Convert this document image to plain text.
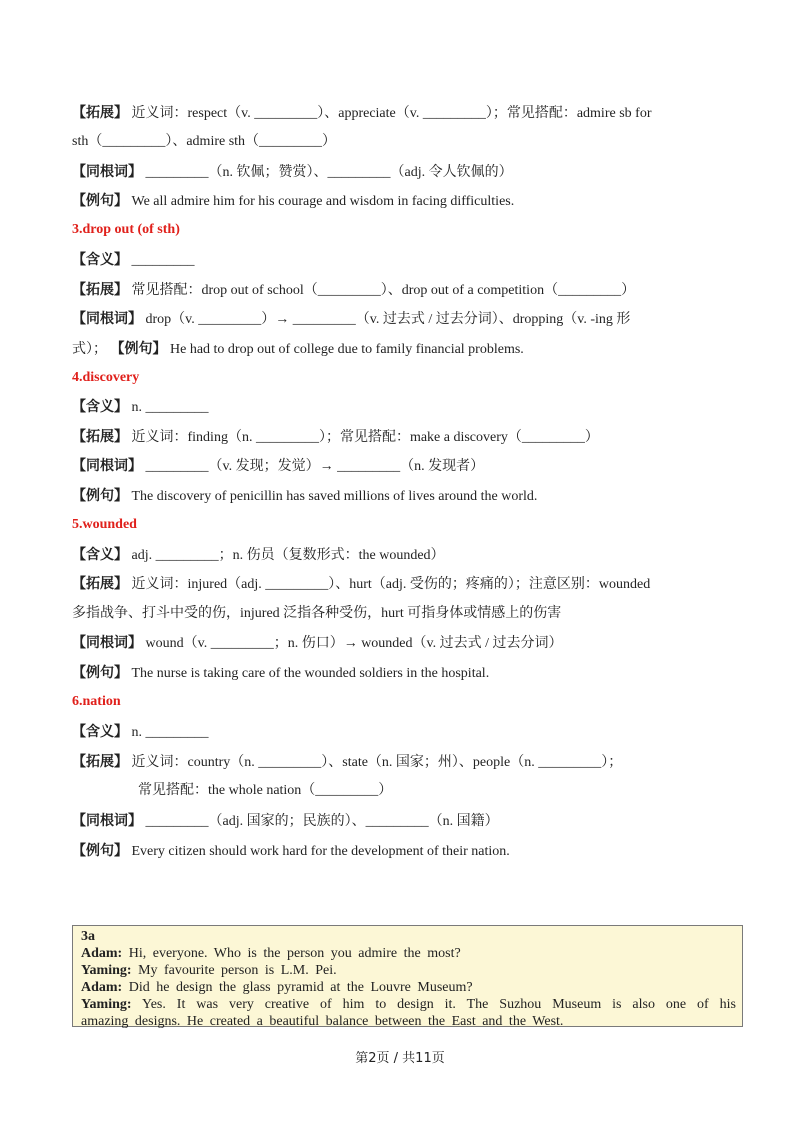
【拓展】 近义词：respect（v. _________）、appreciate（v. _________）；常见搭配：admire sb for
sth（_________）、admire sth（_________）
【同根词】 _________（n. 钦佩；赞赏）、_________（adj. 令人钦佩的）
【例句】 We all admire him for his courage and wisdom in facing difficulties.
3.drop out (of sth)
【含义】 _________
【拓展】 常见搭配：drop out of school（_________）、drop out of a competition（_________）
【同根词】 drop（v. _________）→ _________（v. 过去式 / 过去分词）、dropping（v. -ing 形
式）； 【例句】 He had to drop out of college due to family financial problems.
4.discovery
【含义】 n. _________
【拓展】 近义词：finding（n. _________）；常见搭配：make a discovery（_________）
【同根词】 _________（v. 发现；发觉）→ _________（n. 发现者）
【例句】 The discovery of penicillin has saved millions of lives around the world.
5.wounded
【含义】 adj. _________；n. 伤员（复数形式：the wounded）
【拓展】 近义词：injured（adj. _________）、hurt（adj. 受伤的；疼痛的）；注意区别：wounded
多指战争、打斗中受的伤，injured 泛指各种受伤，hurt 可指身体或情感上的伤害
【同根词】 wound（v. _________；n. 伤口）→ wounded（v. 过去式 / 过去分词）
【例句】 The nurse is taking care of the wounded soldiers in the hospital.
6.nation
【含义】 n. _________
【拓展】 近义词：country（n. _________）、state（n. 国家；州）、people（n. _________）；
常见搭配：the whole nation（_________）
【同根词】 _________（adj. 国家的；民族的）、_________（n. 国籍）
【例句】 Every citizen should work hard for the development of their nation.
3a
Adam: Hi, everyone. Who is the person you admire the most?
Yaming: My favourite person is L.M. Pei.
Adam: Did he design the glass pyramid at the Louvre Museum?
Yaming: Yes. It was very creative of him to design it. The Suzhou Museum is also one of his
amazing designs. He created a beautiful balance between the East and the West.
第2页 / 共11页
